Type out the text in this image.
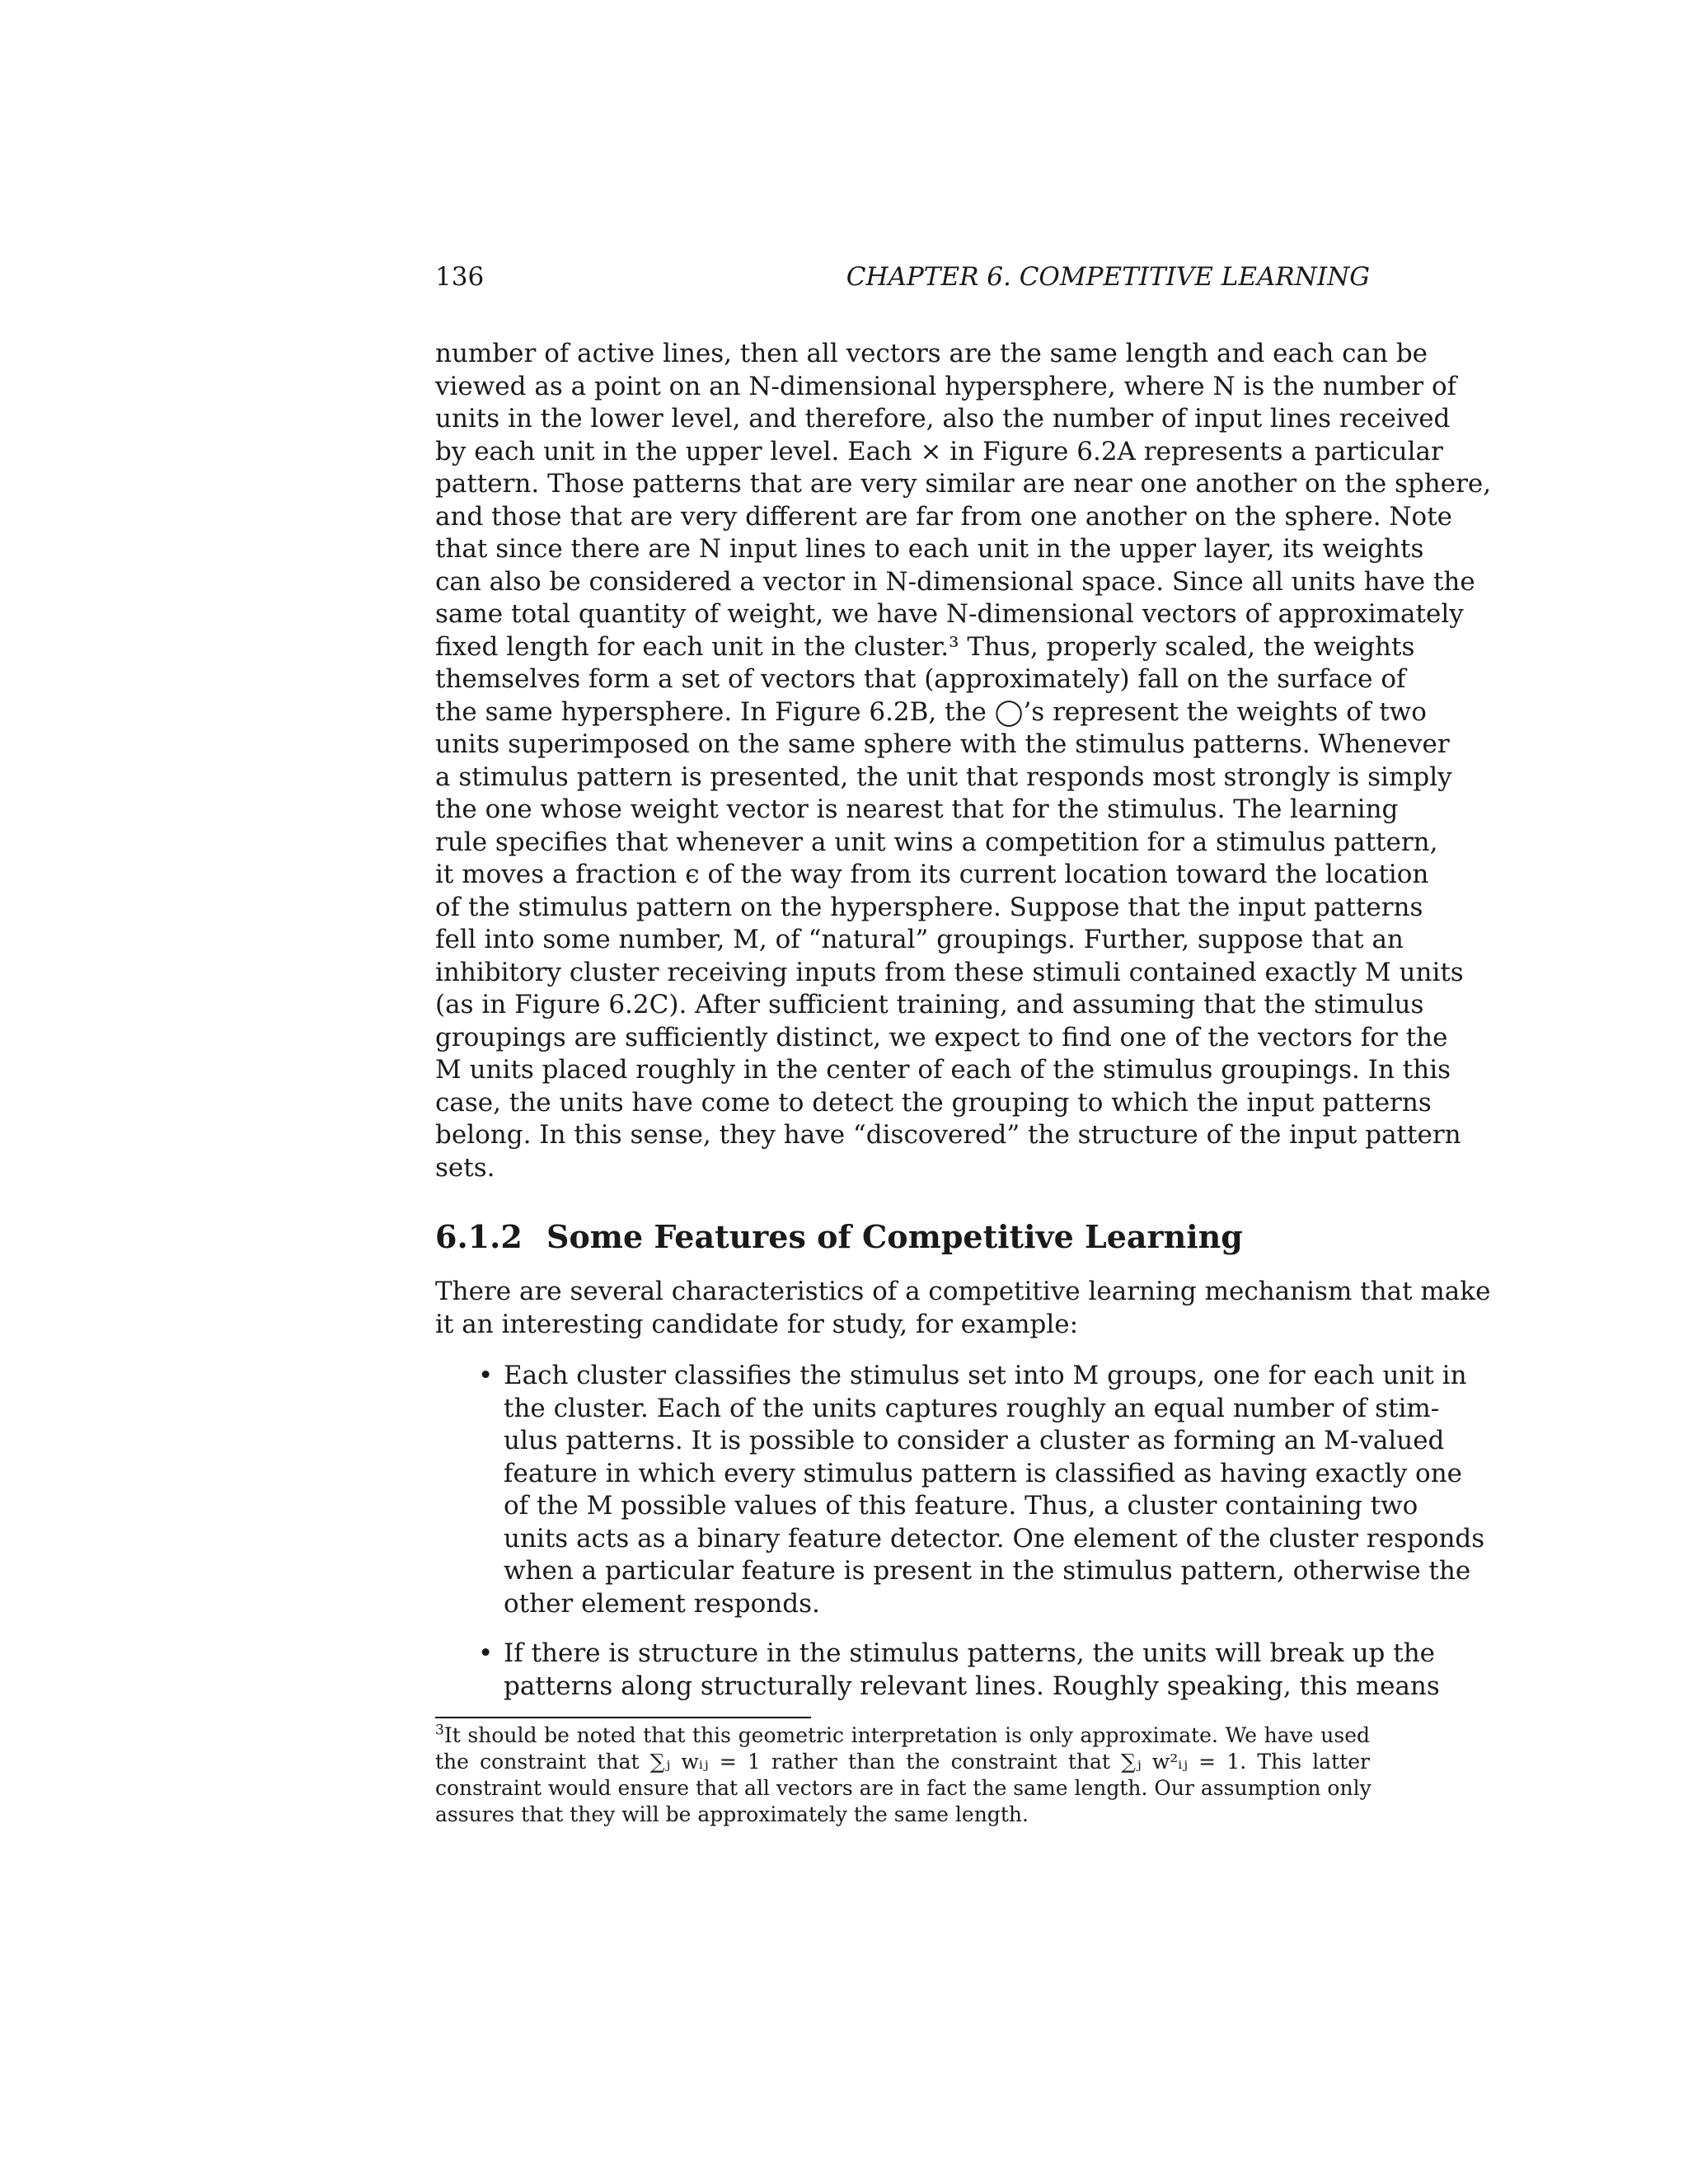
136	CHAPTER 6. COMPETITIVE LEARNING
number of active lines, then all vectors are the same length and each can be
viewed as a point on an N-dimensional hypersphere, where N is the number of
units in the lower level, and therefore, also the number of input lines received
by each unit in the upper level. Each × in Figure 6.2A represents a particular
pattern. Those patterns that are very similar are near one another on the sphere,
and those that are very different are far from one another on the sphere. Note
that since there are N input lines to each unit in the upper layer, its weights
can also be considered a vector in N-dimensional space. Since all units have the
same total quantity of weight, we have N-dimensional vectors of approximately
fixed length for each unit in the cluster.³ Thus, properly scaled, the weights
themselves form a set of vectors that (approximately) fall on the surface of
the same hypersphere. In Figure 6.2B, the ◯’s represent the weights of two
units superimposed on the same sphere with the stimulus patterns. Whenever
a stimulus pattern is presented, the unit that responds most strongly is simply
the one whose weight vector is nearest that for the stimulus. The learning
rule specifies that whenever a unit wins a competition for a stimulus pattern,
it moves a fraction ϵ of the way from its current location toward the location
of the stimulus pattern on the hypersphere. Suppose that the input patterns
fell into some number, M, of “natural” groupings. Further, suppose that an
inhibitory cluster receiving inputs from these stimuli contained exactly M units
(as in Figure 6.2C). After sufficient training, and assuming that the stimulus
groupings are sufficiently distinct, we expect to find one of the vectors for the
M units placed roughly in the center of each of the stimulus groupings. In this
case, the units have come to detect the grouping to which the input patterns
belong. In this sense, they have “discovered” the structure of the input pattern
sets.
6.1.2 Some Features of Competitive Learning
There are several characteristics of a competitive learning mechanism that make
it an interesting candidate for study, for example:
• Each cluster classifies the stimulus set into M groups, one for each unit in
the cluster. Each of the units captures roughly an equal number of stim-
ulus patterns. It is possible to consider a cluster as forming an M-valued
feature in which every stimulus pattern is classified as having exactly one
of the M possible values of this feature. Thus, a cluster containing two
units acts as a binary feature detector. One element of the cluster responds
when a particular feature is present in the stimulus pattern, otherwise the
other element responds.
• If there is structure in the stimulus patterns, the units will break up the
patterns along structurally relevant lines. Roughly speaking, this means
$^3$It should be noted that this geometric interpretation is only approximate. We have used
the constraint that ∑ⱼ wᵢⱼ = 1 rather than the constraint that ∑ⱼ w²ᵢⱼ = 1. This latter
constraint would ensure that all vectors are in fact the same length. Our assumption only
assures that they will be approximately the same length.
